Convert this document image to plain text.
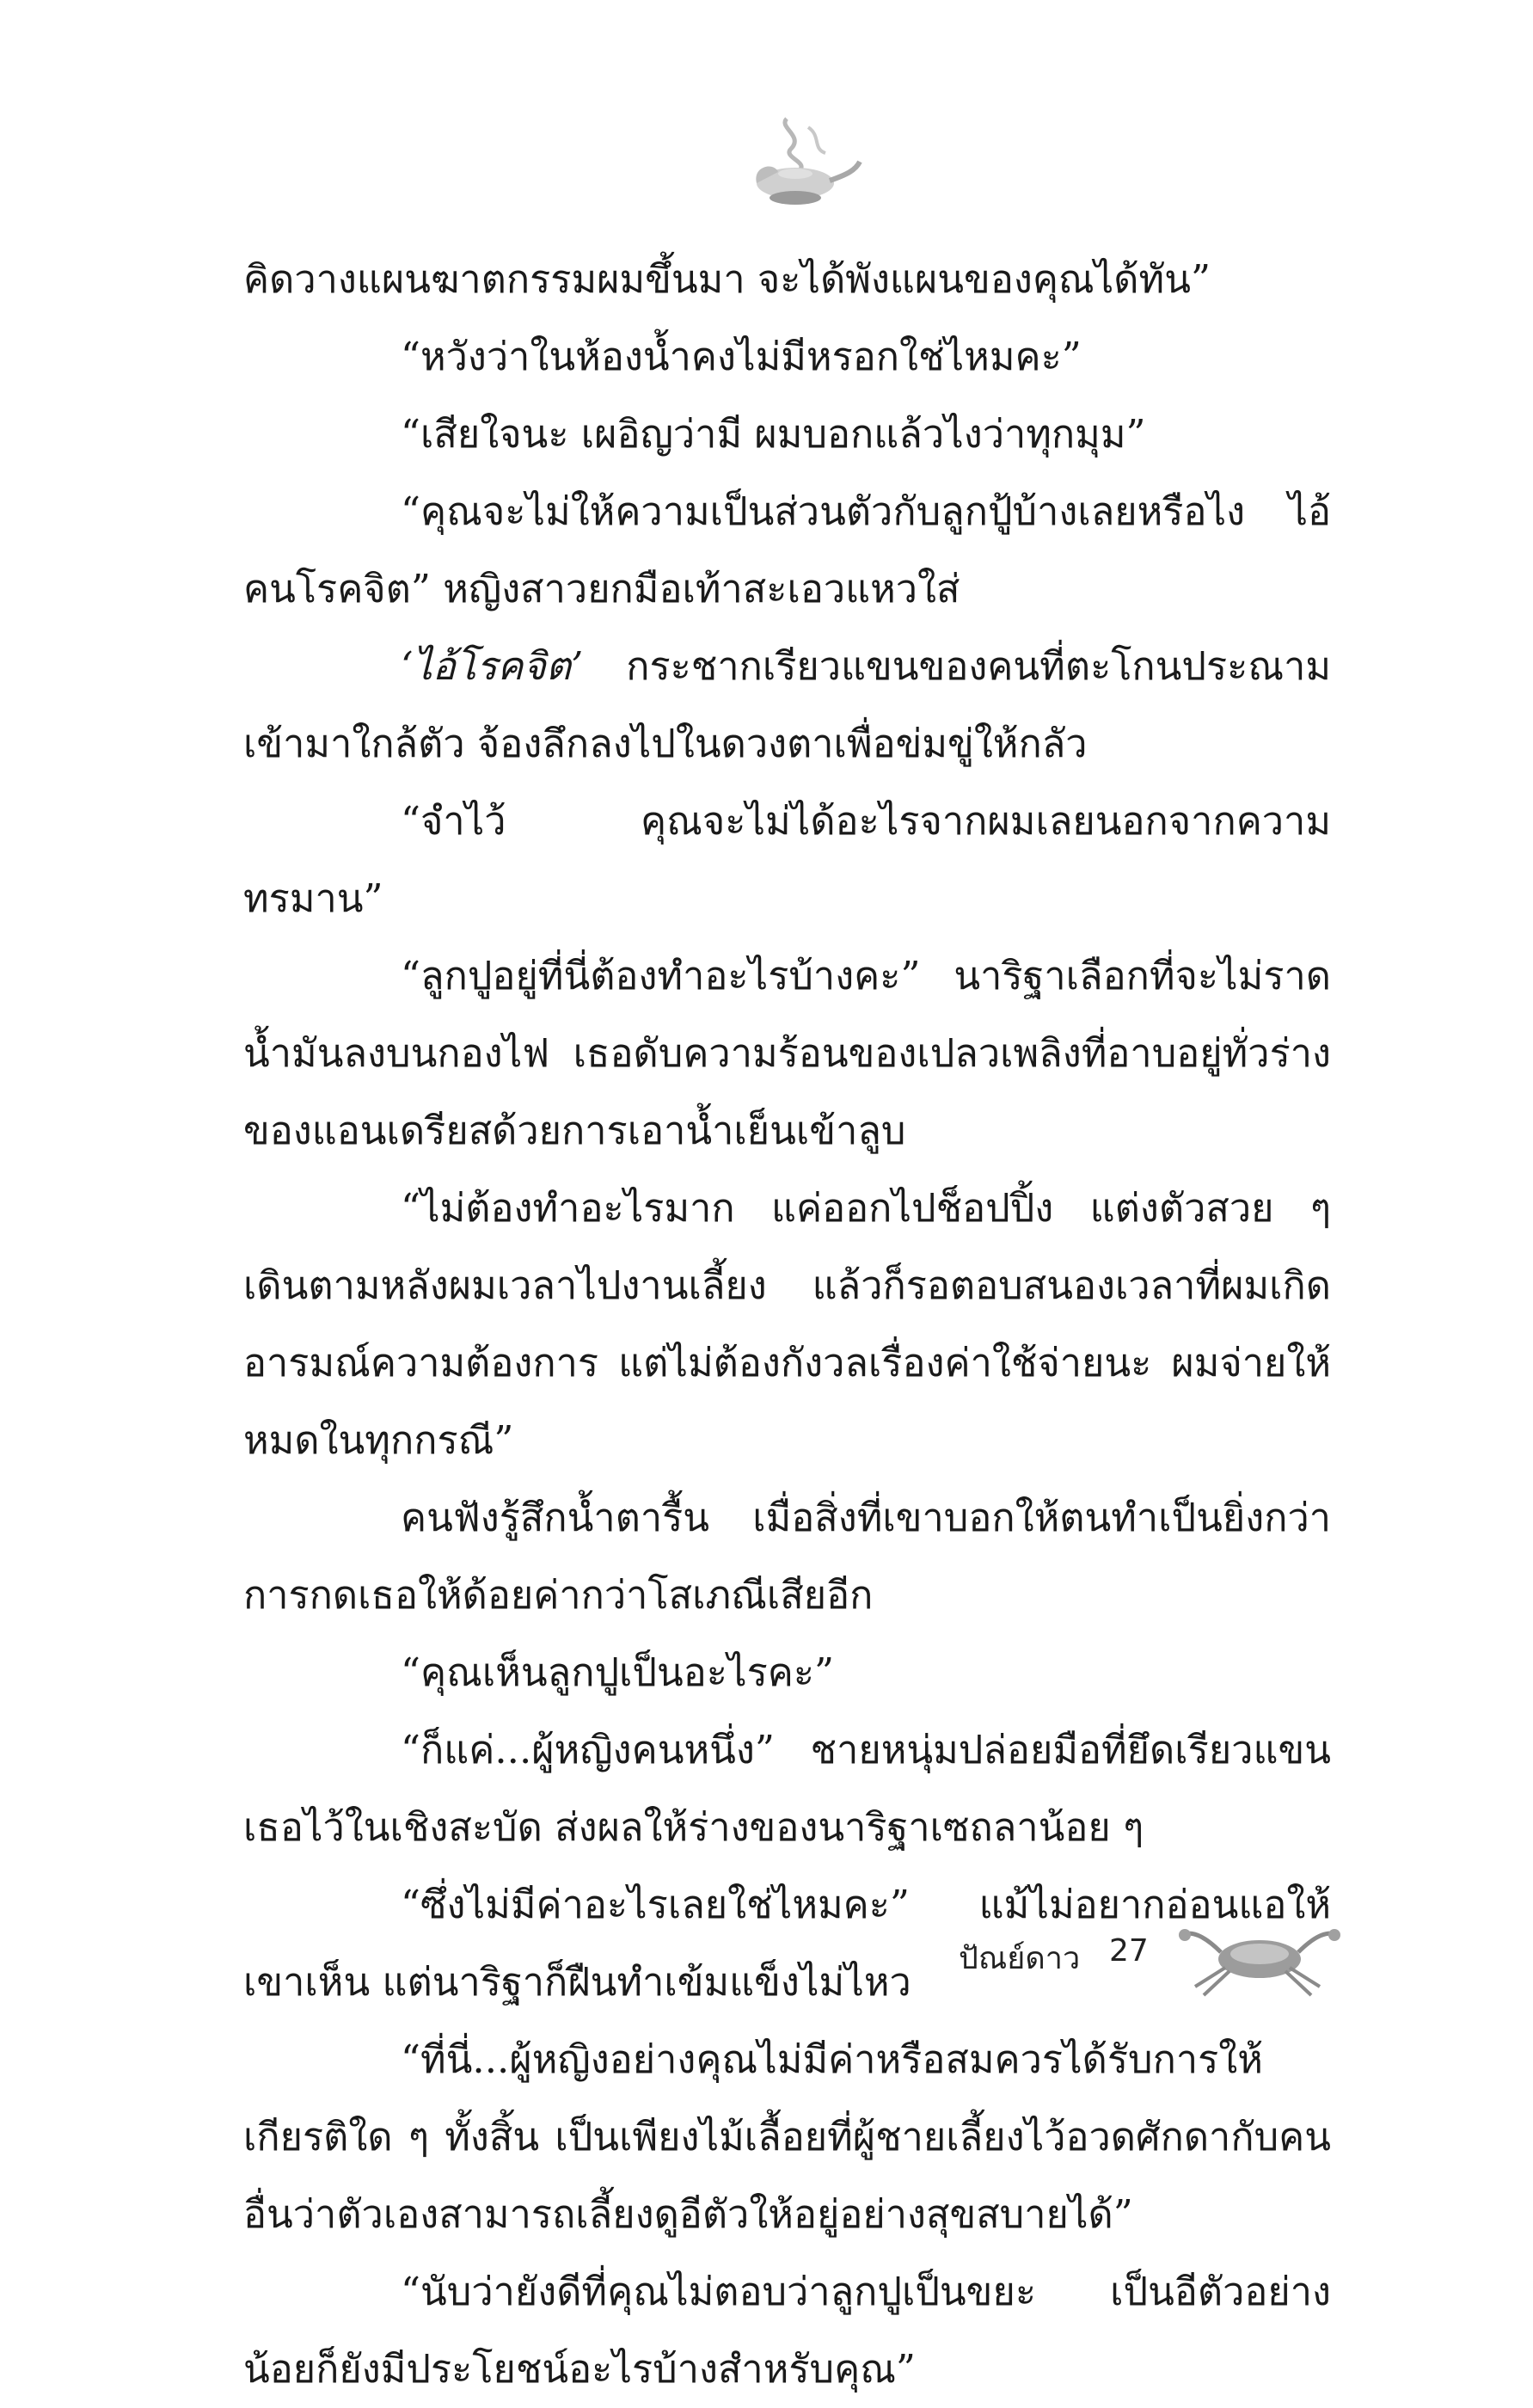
คิดวางแผนฆาตกรรมผมขึ้นมา จะได้พังแผนของคุณได้ทัน”

“หวังว่าในห้องน้ำคงไม่มีหรอกใช่ไหมคะ”

“เสียใจนะ เผอิญว่ามี ผมบอกแล้วไงว่าทุกมุม”

“คุณจะไม่ให้ความเป็นส่วนตัวกับลูกปู้บ้างเลยหรือไง ไอ้คนโรคจิต” หญิงสาวยกมือเท้าสะเอวแหวใส่

‘ไอ้โรคจิต’ กระชากเรียวแขนของคนที่ตะโกนประณามเข้ามาใกล้ตัว จ้องลึกลงไปในดวงตาเพื่อข่มขู่ให้กลัว

“จำไว้ คุณจะไม่ได้อะไรจากผมเลยนอกจากความทรมาน”

“ลูกปูอยู่ที่นี่ต้องทำอะไรบ้างคะ” นาริฐาเลือกที่จะไม่ราดน้ำมันลงบนกองไฟ เธอดับความร้อนของเปลวเพลิงที่อาบอยู่ทั่วร่างของแอนเดรียสด้วยการเอาน้ำเย็นเข้าลูบ

“ไม่ต้องทำอะไรมาก แค่ออกไปช็อปปิ้ง แต่งตัวสวย ๆ เดินตามหลังผมเวลาไปงานเลี้ยง แล้วก็รอตอบสนองเวลาที่ผมเกิดอารมณ์ความต้องการ แต่ไม่ต้องกังวลเรื่องค่าใช้จ่ายนะ ผมจ่ายให้หมดในทุกกรณี”

คนฟังรู้สึกน้ำตารื้น เมื่อสิ่งที่เขาบอกให้ตนทำเป็นยิ่งกว่าการกดเธอให้ด้อยค่ากว่าโสเภณีเสียอีก

“คุณเห็นลูกปูเป็นอะไรคะ”

“ก็แค่...ผู้หญิงคนหนึ่ง” ชายหนุ่มปล่อยมือที่ยึดเรียวแขนเธอไว้ในเชิงสะบัด ส่งผลให้ร่างของนาริฐาเซถลาน้อย ๆ

“ซึ่งไม่มีค่าอะไรเลยใช่ไหมคะ” แม้ไม่อยากอ่อนแอให้เขาเห็น แต่นาริฐาก็ฝืนทำเข้มแข็งไม่ไหว

“ที่นี่...ผู้หญิงอย่างคุณไม่มีค่าหรือสมควรได้รับการให้เกียรติใด ๆ ทั้งสิ้น เป็นเพียงไม้เลื้อยที่ผู้ชายเลี้ยงไว้อวดศักดากับคนอื่นว่าตัวเองสามารถเลี้ยงดูอีตัวให้อยู่อย่างสุขสบายได้”

“นับว่ายังดีที่คุณไม่ตอบว่าลูกปูเป็นขยะ เป็นอีตัวอย่างน้อยก็ยังมีประโยชน์อะไรบ้างสำหรับคุณ”

ปัณย์ดาว 27
